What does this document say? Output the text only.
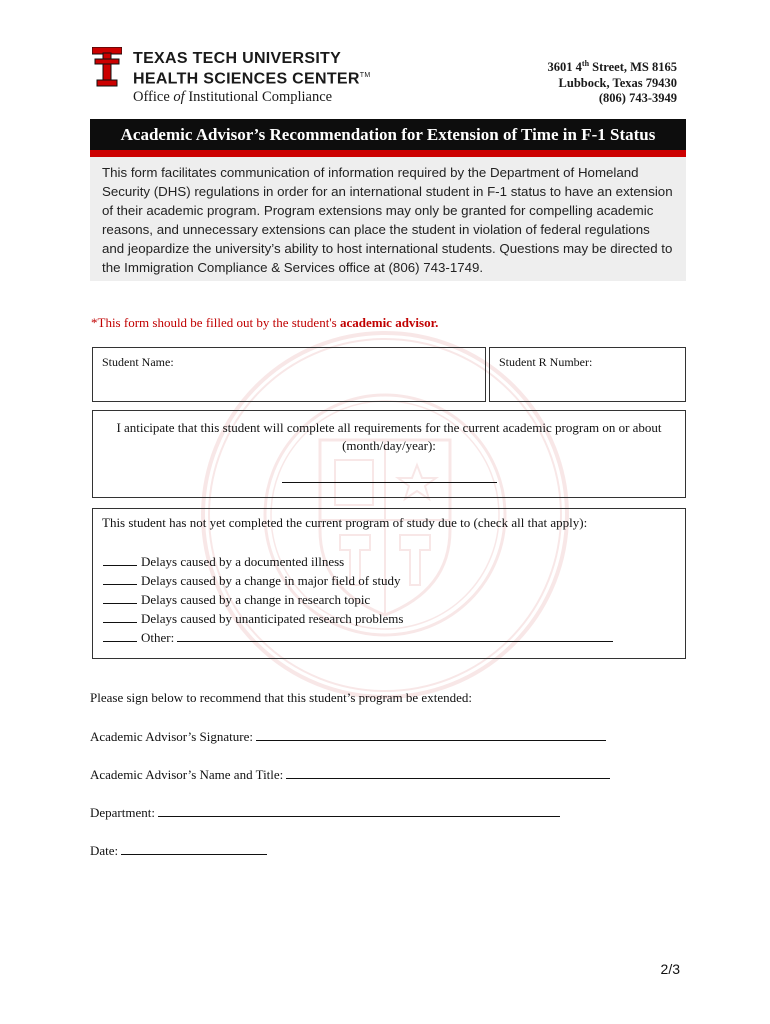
TEXAS TECH UNIVERSITY
HEALTH SCIENCES CENTER™
Office of Institutional Compliance
3601 4th Street, MS 8165
Lubbock, Texas 79430
(806) 743-3949
Academic Advisor’s Recommendation for Extension of Time in F-1 Status
This form facilitates communication of information required by the Department of Homeland Security (DHS) regulations in order for an international student in F-1 status to have an extension of their academic program. Program extensions may only be granted for compelling academic reasons, and unnecessary extensions can place the student in violation of federal regulations and jeopardize the university’s ability to host international students. Questions may be directed to the Immigration Compliance & Services office at (806) 743-1749.
*This form should be filled out by the student's academic advisor.
Student Name:	Student R Number:
I anticipate that this student will complete all requirements for the current academic program on or about (month/day/year):
This student has not yet completed the current program of study due to (check all that apply):
Delays caused by a documented illness
Delays caused by a change in major field of study
Delays caused by a change in research topic
Delays caused by unanticipated research problems
Other:
Please sign below to recommend that this student’s program be extended:
Academic Advisor’s Signature:
Academic Advisor’s Name and Title:
Department:
Date:
2/3
